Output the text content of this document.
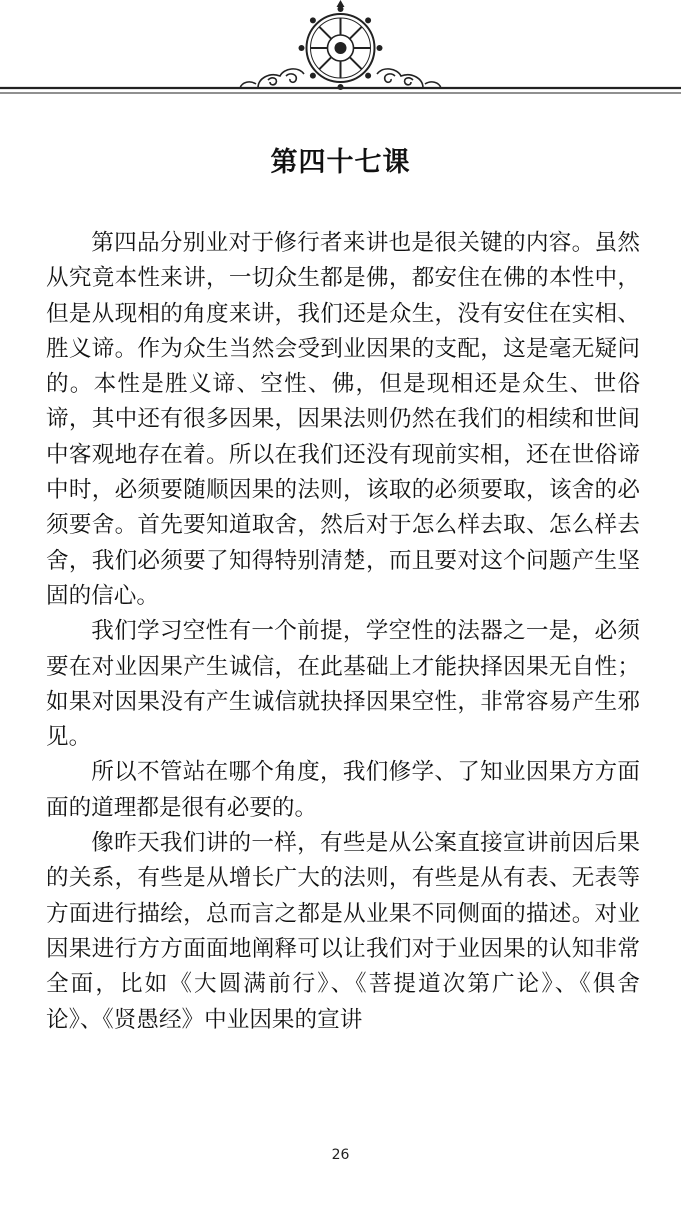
第四十七课

第四品分别业对于修行者来讲也是很关键的内容。虽然从究竟本性来讲，一切众生都是佛，都安住在佛的本性中，但是从现相的角度来讲，我们还是众生，没有安住在实相、胜义谛。作为众生当然会受到业因果的支配，这是毫无疑问的。本性是胜义谛、空性、佛，但是现相还是众生、世俗谛，其中还有很多因果，因果法则仍然在我们的相续和世间中客观地存在着。所以在我们还没有现前实相，还在世俗谛中时，必须要随顺因果的法则，该取的必须要取，该舍的必须要舍。首先要知道取舍，然后对于怎么样去取、怎么样去舍，我们必须要了知得特别清楚，而且要对这个问题产生坚固的信心。

我们学习空性有一个前提，学空性的法器之一是，必须要在对业因果产生诚信，在此基础上才能抉择因果无自性；如果对因果没有产生诚信就抉择因果空性，非常容易产生邪见。

所以不管站在哪个角度，我们修学、了知业因果方方面面的道理都是很有必要的。

像昨天我们讲的一样，有些是从公案直接宣讲前因后果的关系，有些是从增长广大的法则，有些是从有表、无表等方面进行描绘，总而言之都是从业果不同侧面的描述。对业因果进行方方面面地阐释可以让我们对于业因果的认知非常全面，比如《大圆满前行》、《菩提道次第广论》、《俱舍论》、《贤愚经》中业因果的宣讲

26
